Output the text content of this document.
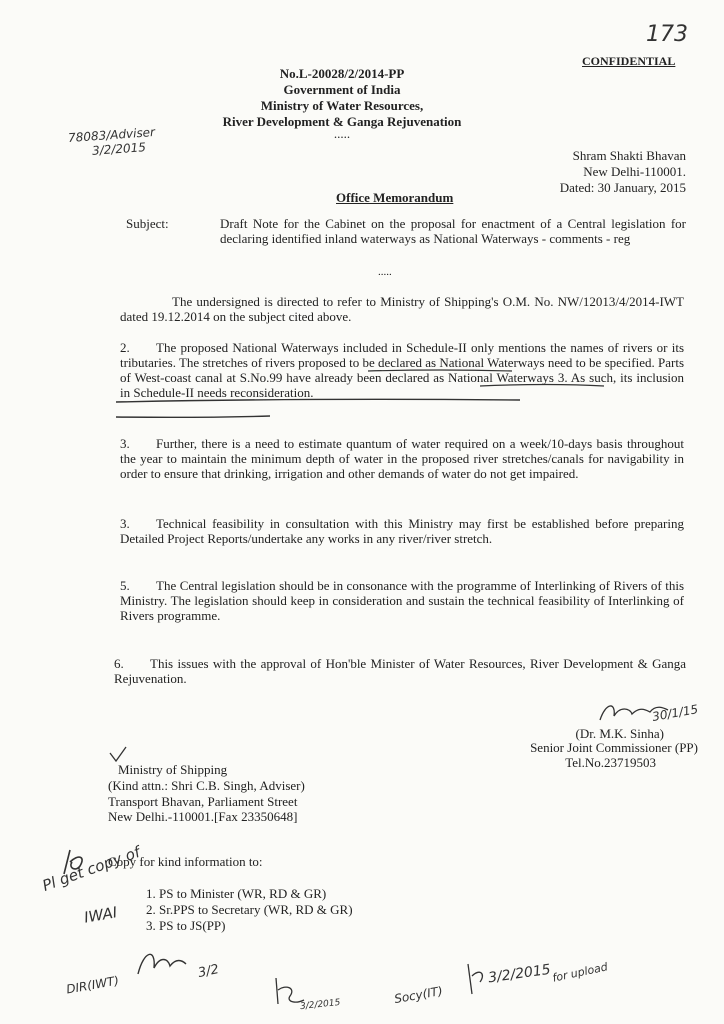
173
CONFIDENTIAL
No.L-20028/2/2014-PP
Government of India
Ministry of Water Resources,
River Development & Ganga Rejuvenation
.....
78083/Adviser
3/2/2015	Shram Shakti Bhavan
New Delhi-110001.
Dated: 30 January, 2015
Office Memorandum
Subject:	Draft Note for the Cabinet on the proposal for enactment of a Central legislation for declaring identified inland waterways as National Waterways - comments - reg
.....
The undersigned is directed to refer to Ministry of Shipping's O.M. No. NW/12013/4/2014-IWT dated 19.12.2014 on the subject cited above.
2. The proposed National Waterways included in Schedule-II only mentions the names of rivers or its tributaries. The stretches of rivers proposed to be declared as National Waterways need to be specified. Parts of West-coast canal at S.No.99 have already been declared as National Waterways 3. As such, its inclusion in Schedule-II needs reconsideration.
3. Further, there is a need to estimate quantum of water required on a week/10-days basis throughout the year to maintain the minimum depth of water in the proposed river stretches/canals for navigability in order to ensure that drinking, irrigation and other demands of water do not get impaired.
3. Technical feasibility in consultation with this Ministry may first be established before preparing Detailed Project Reports/undertake any works in any river/river stretch.
5. The Central legislation should be in consonance with the programme of Interlinking of Rivers of this Ministry. The legislation should keep in consideration and sustain the technical feasibility of Interlinking of Rivers programme.
6. This issues with the approval of Hon'ble Minister of Water Resources, River Development & Ganga Rejuvenation.
30/1/15
(Dr. M.K. Sinha)
Senior Joint Commissioner (PP)
Tel.No.23719503
Ministry of Shipping
(Kind attn.: Shri C.B. Singh, Adviser)
Transport Bhavan, Parliament Street
New Delhi.-110001.[Fax 23350648]
Copy for kind information to:
1. PS to Minister (WR, RD & GR)
2. Sr.PPS to Secretary (WR, RD & GR)
3. PS to JS(PP)
Pl get copy of
IWAI
DIR(IWT)
3/2
3/2/2015	Socy(IT)
3/2/2015 for upload
